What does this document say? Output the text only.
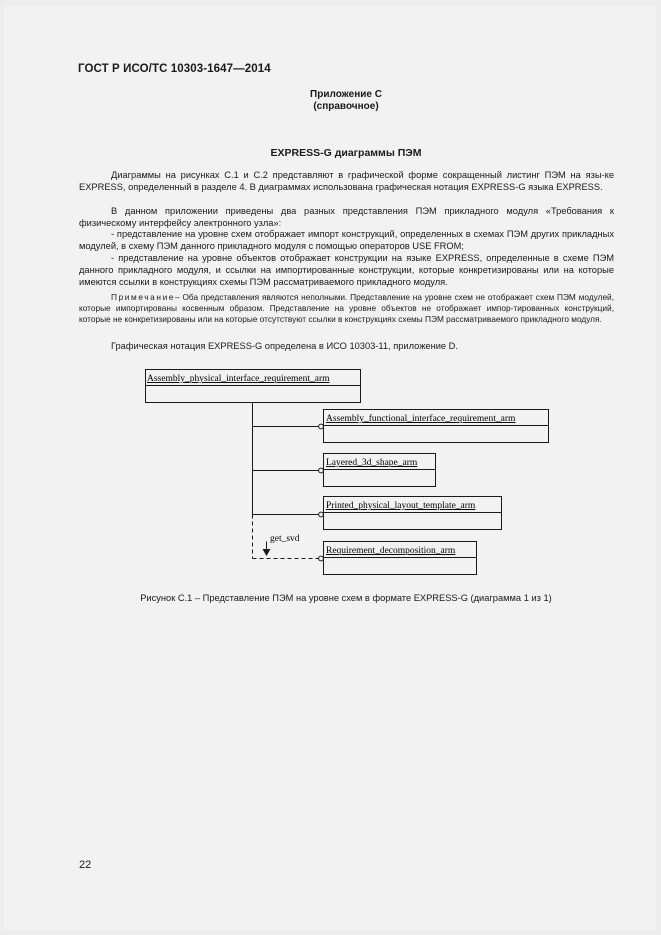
ГОСТ Р ИСО/ТС 10303-1647—2014
Приложение С
(справочное)
EXPRESS-G диаграммы ПЭМ
Диаграммы на рисунках С.1 и С.2 представляют в графической форме сокращенный листинг ПЭМ на язы-ке EXPRESS, определенный в разделе 4. В диаграммах использована графическая нотация EXPRESS-G языка EXPRESS.
В данном приложении приведены два разных представления ПЭМ прикладного модуля «Требования к физическому интерфейсу электронного узла»:
- представление на уровне схем отображает импорт конструкций, определенных в схемах ПЭМ других прикладных модулей, в схему ПЭМ данного прикладного модуля с помощью операторов USE FROM;
- представление на уровне объектов отображает конструкции на языке EXPRESS, определенные в схеме ПЭМ данного прикладного модуля, и ссылки на импортированные конструкции, которые конкретизированы или на которые имеются ссылки в конструкциях схемы ПЭМ рассматриваемого прикладного модуля.
Примечание– Оба представления являются неполными. Представление на уровне схем не отображает схем ПЭМ модулей, которые импортированы косвенным образом. Представление на уровне объектов не отображает импор-тированных конструкций, которые не конкретизированы или на которые отсутствуют ссылки в конструкциях схемы ПЭМ рассматриваемого прикладного модуля.
Графическая нотация EXPRESS-G определена в ИСО 10303-11, приложение D.
Assembly_physical_interface_requirement_arm
Assembly_functional_interface_requirement_arm
Layered_3d_shape_arm
Printed_physical_layout_template_arm
Requirement_decomposition_arm
get_svd
Рисунок С.1 – Представление ПЭМ на уровне схем в формате EXPRESS-G (диаграмма 1 из 1)
22
